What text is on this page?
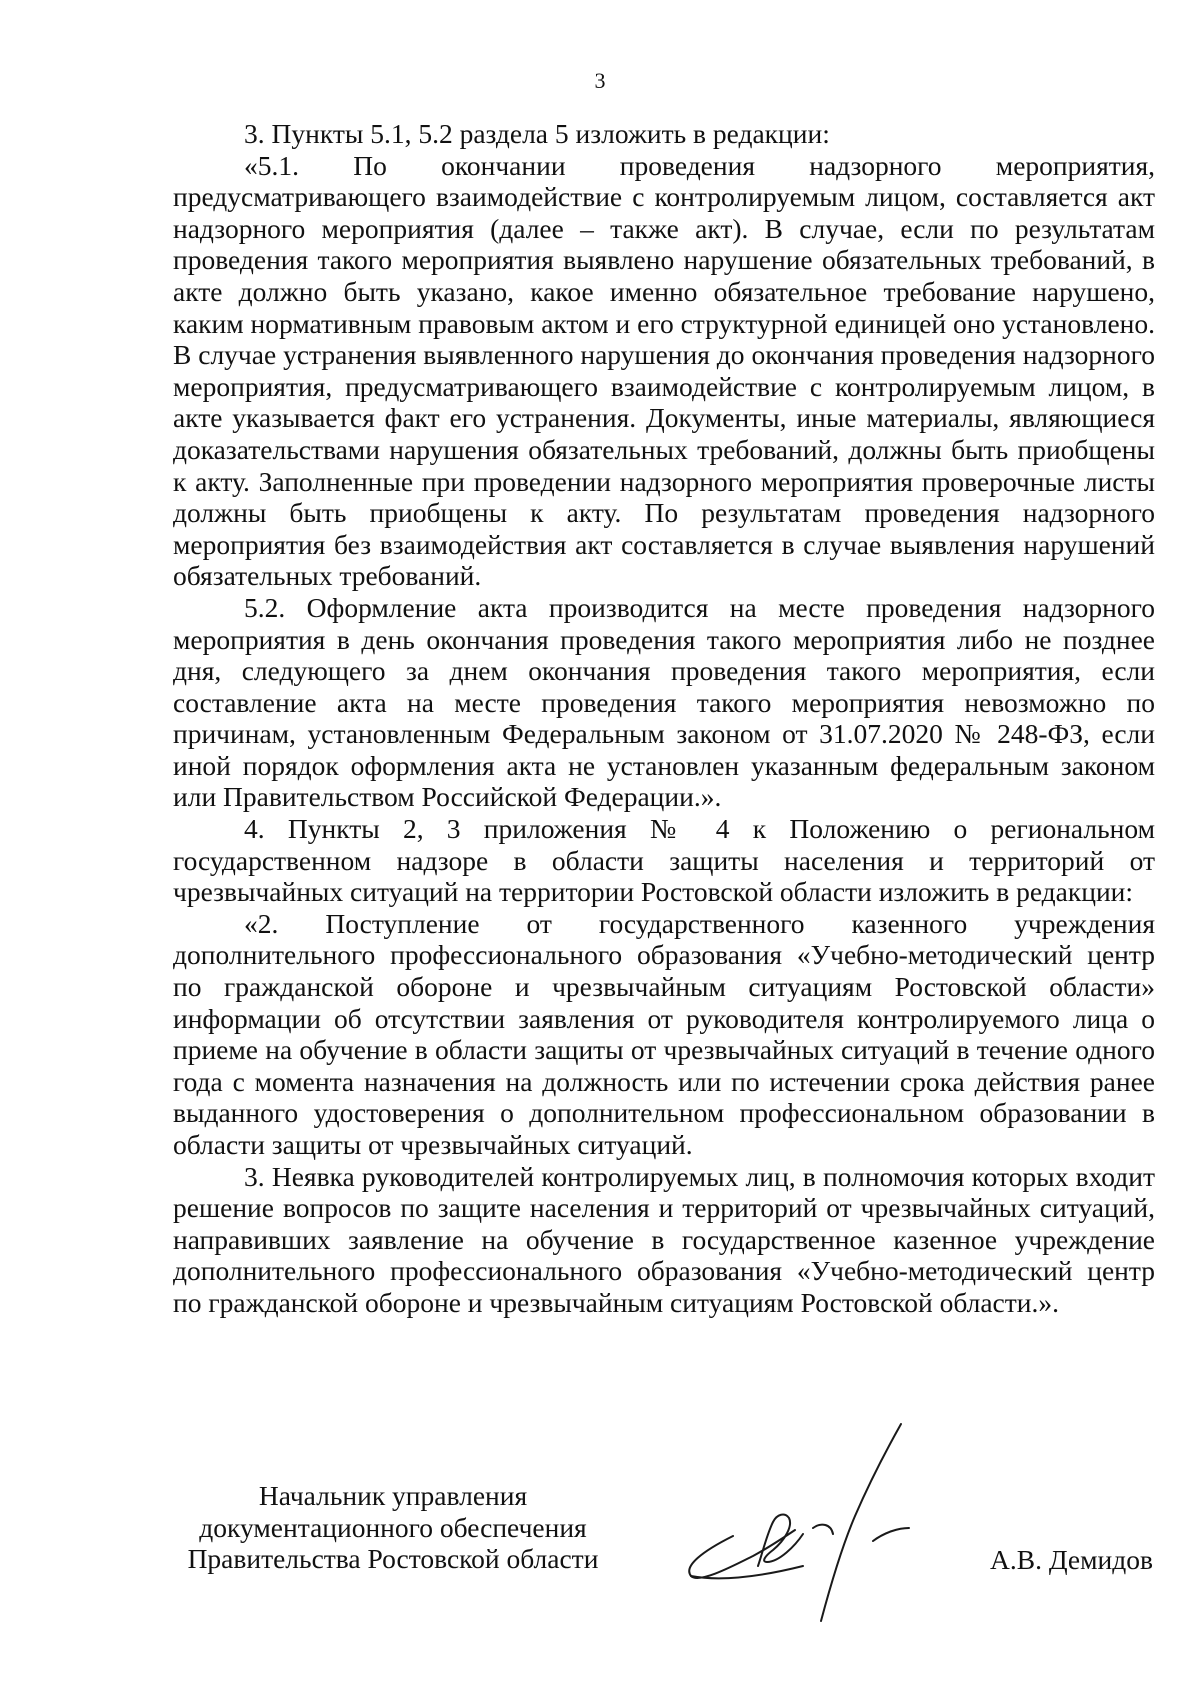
3

3. Пункты 5.1, 5.2 раздела 5 изложить в редакции:

«5.1. По окончании проведения надзорного мероприятия, предусматривающего взаимодействие с контролируемым лицом, составляется акт надзорного мероприятия (далее – также акт). В случае, если по результатам проведения такого мероприятия выявлено нарушение обязательных требований, в акте должно быть указано, какое именно обязательное требование нарушено, каким нормативным правовым актом и его структурной единицей оно установлено. В случае устранения выявленного нарушения до окончания проведения надзорного мероприятия, предусматривающего взаимодействие с контролируемым лицом, в акте указывается факт его устранения. Документы, иные материалы, являющиеся доказательствами нарушения обязательных требований, должны быть приобщены к акту. Заполненные при проведении надзорного мероприятия проверочные листы должны быть приобщены к акту. По результатам проведения надзорного мероприятия без взаимодействия акт составляется в случае выявления нарушений обязательных требований.

5.2. Оформление акта производится на месте проведения надзорного мероприятия в день окончания проведения такого мероприятия либо не позднее дня, следующего за днем окончания проведения такого мероприятия, если составление акта на месте проведения такого мероприятия невозможно по причинам, установленным Федеральным законом от 31.07.2020 № 248-ФЗ, если иной порядок оформления акта не установлен указанным федеральным законом или Правительством Российской Федерации.».

4. Пункты 2, 3 приложения № 4 к Положению о региональном государственном надзоре в области защиты населения и территорий от чрезвычайных ситуаций на территории Ростовской области изложить в редакции:

«2. Поступление от государственного казенного учреждения дополнительного профессионального образования «Учебно-методический центр по гражданской обороне и чрезвычайным ситуациям Ростовской области» информации об отсутствии заявления от руководителя контролируемого лица о приеме на обучение в области защиты от чрезвычайных ситуаций в течение одного года с момента назначения на должность или по истечении срока действия ранее выданного удостоверения о дополнительном профессиональном образовании в области защиты от чрезвычайных ситуаций.

3. Неявка руководителей контролируемых лиц, в полномочия которых входит решение вопросов по защите населения и территорий от чрезвычайных ситуаций, направивших заявление на обучение в государственное казенное учреждение дополнительного профессионального образования «Учебно-методический центр по гражданской обороне и чрезвычайным ситуациям Ростовской области.».

Начальник управления
документационного обеспечения
Правительства Ростовской области	А.В. Демидов
